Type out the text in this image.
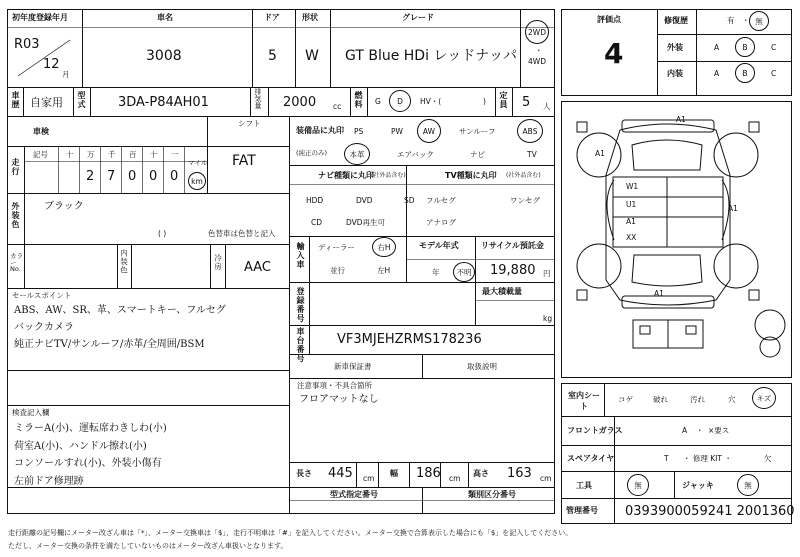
初年度登録年月
R03
12
月
車名
3008
ドア
5
形状
W
グレード
GT Blue HDi レッドナッパ
2WD
・
4WD
車歴 自家用 型式 3DA-P84AH01	排気量 2000 cc 燃料 G	D	HV・(	) 定員 5 人
評価点
4
修復歴	有 ・ 無
外装	A	B	C
内装	A	B	C
車検
シフト
FAT
走行
記号 十 万 千 百 十 一
2 7 0 0 0
マイル
km
外装色 ブラック
( )	色替車は色替と記入
カラーNo.	内装色	冷房 AAC
セールスポイント
ABS、AW、SR、革、スマートキー、フルセグ
バックカメラ
純正ナビTV/サンルーフ/赤革/全周囲/BSM
検査記入欄
ミラーA(小)、運転席わきしわ(小)
荷室A(小)、ハンドル擦れ(小)
コンソールすれ(小)、外装小傷有
左前ドア修理跡
装備品に丸印
(純正のみ)
PS	PW	AW	サンルーフ	ABS
本革	エアバック	ナビ	TV
ナビ種類に丸印
(社外品含む)	TV種類に丸印 (社外品含む)
HDD	DVD	SD
CD	DVD再生可
フルセグ	ワンセグ
アナログ
輸入車 ディーラー
並行
右H
左H
モデル年式
年	不明
リサイクル預託金
19,880 円
登録番号	最大積載量
kg
車台番号 VF3MJEHZRMS178236
新車保証書	取扱説明
注意事項・不具合箇所
フロアマットなし
長さ 445 cm
幅 186 cm
高さ 163 cm
型式指定番号	類別区分番号
A1
A1
A1
A1
W1
U1
A1
XX
室内シート
コゲ	破れ	汚れ	穴	キズ
フロントガラス	A ・ ×要ス
スペアタイヤ	T ・ 修理 KIT ・	欠
工具	無	ジャッキ	無
管理番号 0393900059241 2001360
走行距離の記号欄にメーター改ざん車は「*」、メーター交換車は「$」、走行不明車は「#」を記入してください。メーター交換で合算表示した場合にも「$」を記入してください。
ただし、メーター交換の条件を満たしていないものはメーター改ざん車扱いとなります。
